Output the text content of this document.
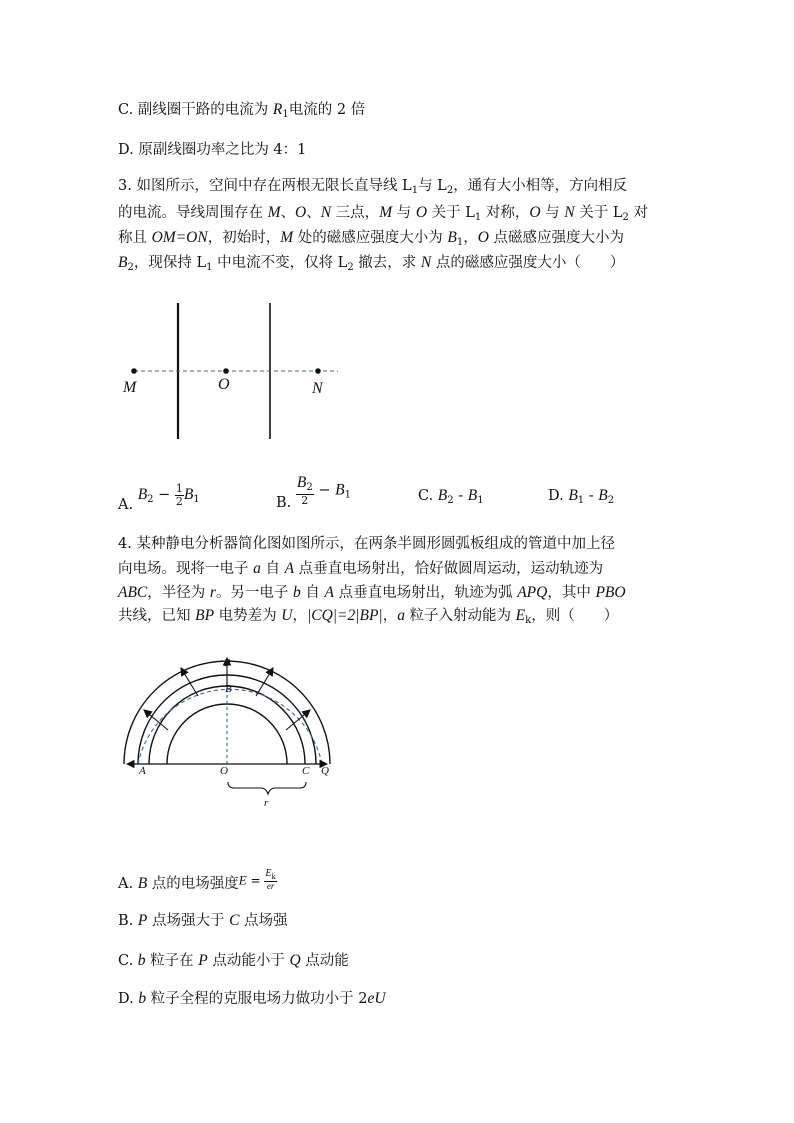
C. 副线圈干路的电流为 $R_1$电流的 2 倍
D. 原副线圈功率之比为 4：1
3. 如图所示，空间中存在两根无限长直导线 $L_1$与 $L_2$，通有大小相等，方向相反
的电流。导线周围存在 M、O、N 三点，M 与 O 关于 $L_1$ 对称，O 与 N 关于 $L_2$ 对
称且 OM=ON，初始时，M 处的磁感应强度大小为 $B_1$，O 点磁感应强度大小为
$B_2$，现保持 $L_1$ 中电流不变，仅将 $L_2$ 撤去，求 N 点的磁感应强度大小（　　）
M	O	N
A. $B_2 - \frac{1}{2} B_1$	B. $\frac{B_2}{2} - B_1$	C. $B_2 - B_1$	D. $B_1 - B_2$
4. 某种静电分析器简化图如图所示，在两条半圆形圆弧板组成的管道中加上径
向电场。现将一电子 a 自 A 点垂直电场射出，恰好做圆周运动，运动轨迹为
ABC，半径为 r。另一电子 b 自 A 点垂直电场射出，轨迹为弧 APQ，其中 PBO
共线，已知 BP 电势差为 U，|CQ|=2|BP|，a 粒子入射动能为 $E_k$，则（　　）
P
B
A	O	C Q
r
A. B 点的电场强度$E = \frac{E_k}{er}$
B. P 点场强大于 C 点场强
C. b 粒子在 P 点动能小于 Q 点动能
D. b 粒子全程的克服电场力做功小于 2eU
